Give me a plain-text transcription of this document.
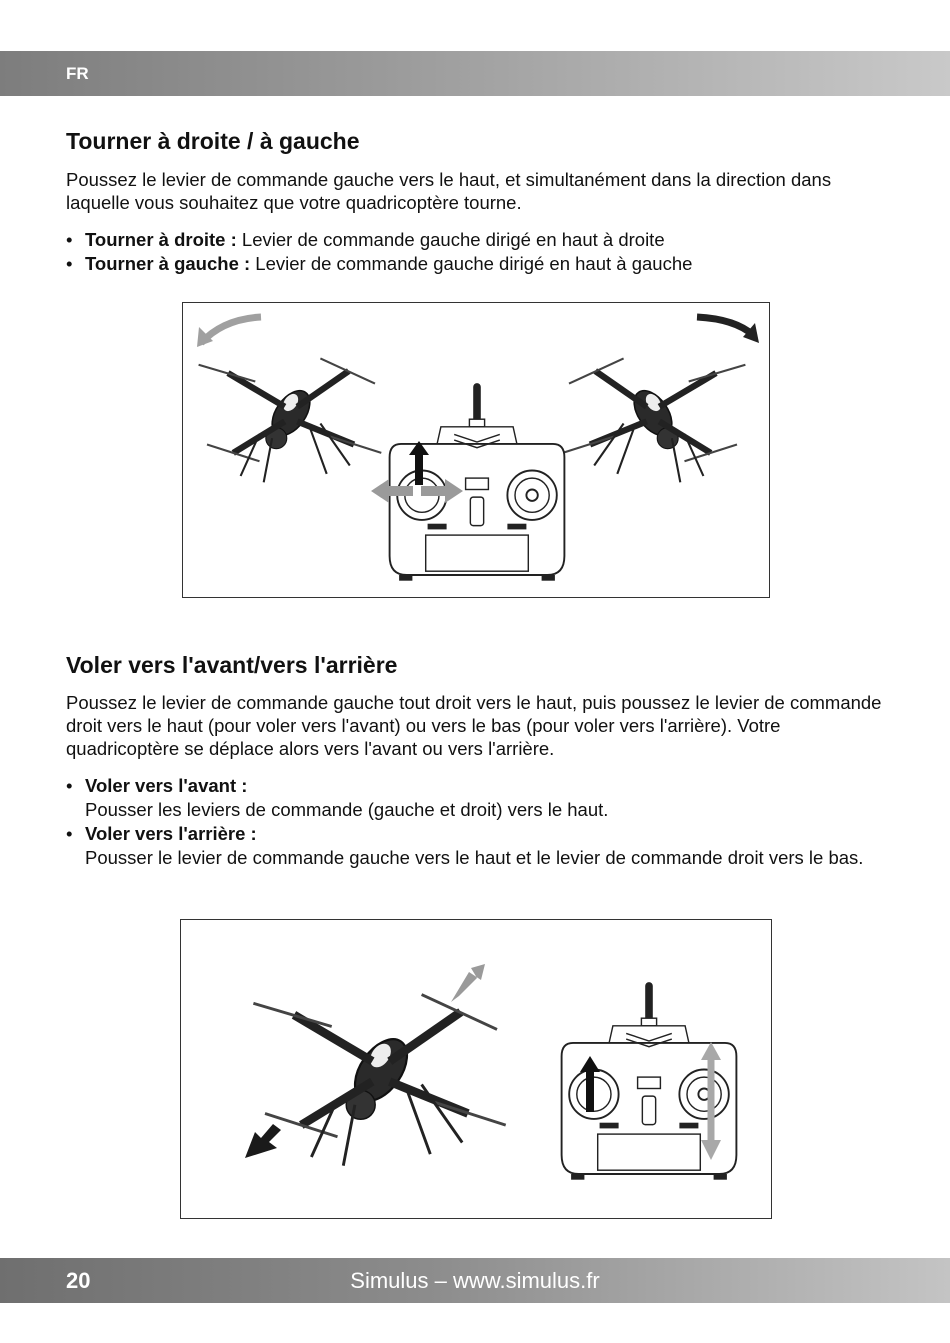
FR
Tourner à droite / à gauche

Poussez le levier de commande gauche vers le haut, et simultanément dans la direction dans laquelle vous souhaitez que votre quadricoptère tourne.

• Tourner à droite : Levier de commande gauche dirigé en haut à droite
• Tourner à gauche : Levier de commande gauche dirigé en haut à gauche
Voler vers l'avant/vers l'arrière

Poussez le levier de commande gauche tout droit vers le haut, puis poussez le levier de commande droit vers le haut (pour voler vers l'avant) ou vers le bas (pour voler vers l'arrière). Votre quadricoptère se déplace alors vers l'avant ou vers l'arrière.

• Voler vers l'avant :
Pousser les leviers de commande (gauche et droit) vers le haut.
• Voler vers l'arrière :
Pousser le levier de commande gauche vers le haut et le levier de commande droit vers le bas.
20	Simulus – www.simulus.fr
